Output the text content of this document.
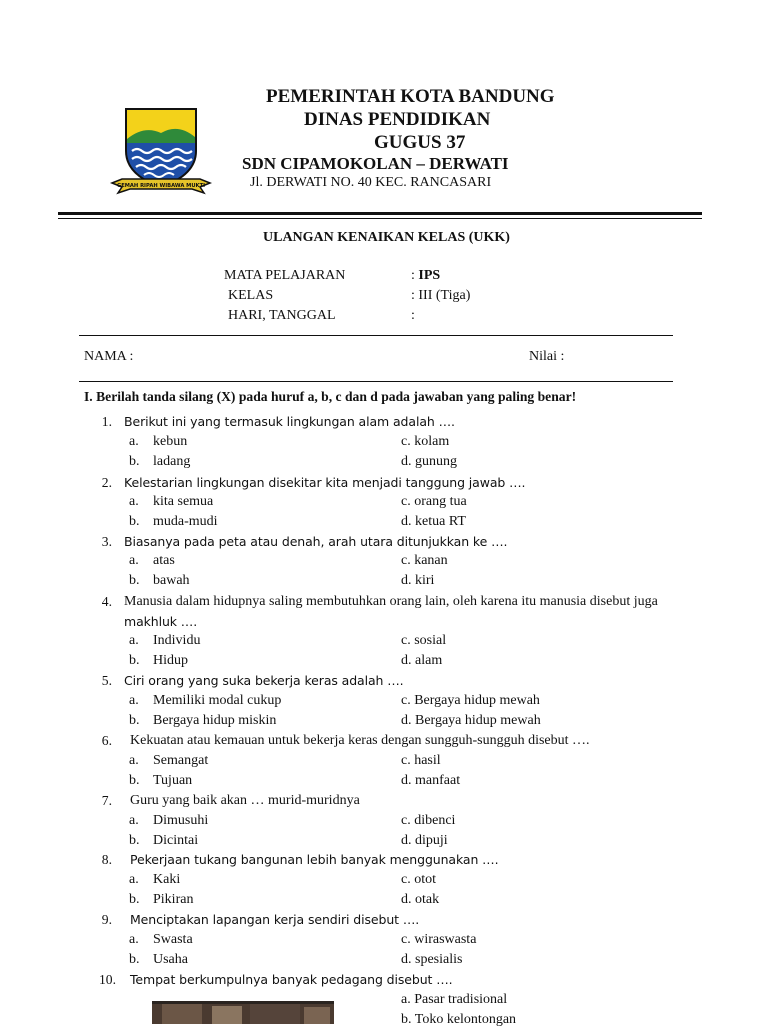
GEMAH RIPAH WIBAWA MUKTI
PEMERINTAH KOTA BANDUNG
DINAS PENDIDIKAN
GUGUS 37
SDN CIPAMOKOLAN – DERWATI
Jl. DERWATI NO. 40 KEC. RANCASARI
ULANGAN KENAIKAN KELAS (UKK)
MATA PELAJARAN	: IPS
KELAS	: III (Tiga)
HARI, TANGGAL	:
NAMA :	Nilai :
I. Berilah tanda silang (X) pada huruf a, b, c dan d pada jawaban yang paling benar!
1. Berikut ini yang termasuk lingkungan alam adalah ….
a. kebun
b. ladang
c. kolam
d. gunung
2. Kelestarian lingkungan disekitar kita menjadi tanggung jawab ….
a. kita semua
b. muda-mudi
c. orang tua
d. ketua RT
3. Biasanya pada peta atau denah, arah utara ditunjukkan ke ….
a. atas
b. bawah
c. kanan
d. kiri
4. Manusia dalam hidupnya saling membutuhkan orang lain, oleh karena itu manusia disebut juga
makhluk ….
a. Individu
b. Hidup
c. sosial
d. alam
5. Ciri orang yang suka bekerja keras adalah ….
a. Memiliki modal cukup
b. Bergaya hidup miskin
c. Bergaya hidup mewah
d. Bergaya hidup mewah
6. Kekuatan atau kemauan untuk bekerja keras dengan sungguh-sungguh disebut ….
a. Semangat
b. Tujuan
c. hasil
d. manfaat
7. Guru yang baik akan … murid-muridnya
a. Dimusuhi
b. Dicintai
c. dibenci
d. dipuji
8. Pekerjaan tukang bangunan lebih banyak menggunakan ….
a. Kaki
b. Pikiran
c. otot
d. otak
9. Menciptakan lapangan kerja sendiri disebut ….
a. Swasta
b. Usaha
c. wiraswasta
d. spesialis
10. Tempat berkumpulnya banyak pedagang disebut ….
a. Pasar tradisional
b. Toko kelontongan
